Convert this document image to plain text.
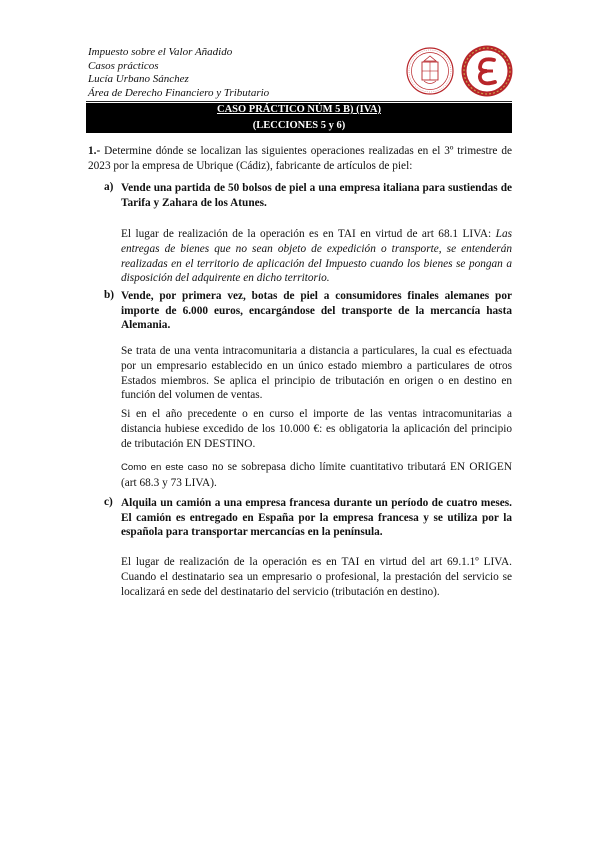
Impuesto sobre el Valor Añadido
Casos prácticos
Lucía Urbano Sánchez
Área de Derecho Financiero y Tributario
CASO PRÁCTICO NÚM 5 B) (IVA)
(LECCIONES 5 y 6)
1.- Determine dónde se localizan las siguientes operaciones realizadas en el 3º trimestre de 2023 por la empresa de Ubrique (Cádiz), fabricante de artículos de piel:
a) Vende una partida de 50 bolsos de piel a una empresa italiana para sustiendas de Tarifa y Zahara de los Atunes.
El lugar de realización de la operación es en TAI en virtud de art 68.1 LIVA: Las entregas de bienes que no sean objeto de expedición o transporte, se entenderán realizadas en el territorio de aplicación del Impuesto cuando los bienes se pongan a disposición del adquirente en dicho territorio.
b) Vende, por primera vez, botas de piel a consumidores finales alemanes por importe de 6.000 euros, encargándose del transporte de la mercancía hasta Alemania.
Se trata de una venta intracomunitaria a distancia a particulares, la cual es efectuada por un empresario establecido en un único estado miembro a particulares de otros Estados miembros. Se aplica el principio de tributación en origen o en destino en función del volumen de ventas.
Si en el año precedente o en curso el importe de las ventas intracomunitarias a distancia hubiese excedido de los 10.000 €: es obligatoria la aplicación del principio de tributación EN DESTINO.
Como en este caso no se sobrepasa dicho límite cuantitativo tributará EN ORIGEN (art 68.3 y 73 LIVA).
c) Alquila un camión a una empresa francesa durante un período de cuatro meses. El camión es entregado en España por la empresa francesa y se utiliza por la española para transportar mercancías en la península.
El lugar de realización de la operación es en TAI en virtud del art 69.1.1º LIVA. Cuando el destinatario sea un empresario o profesional, la prestación del servicio se localizará en sede del destinatario del servicio (tributación en destino).
